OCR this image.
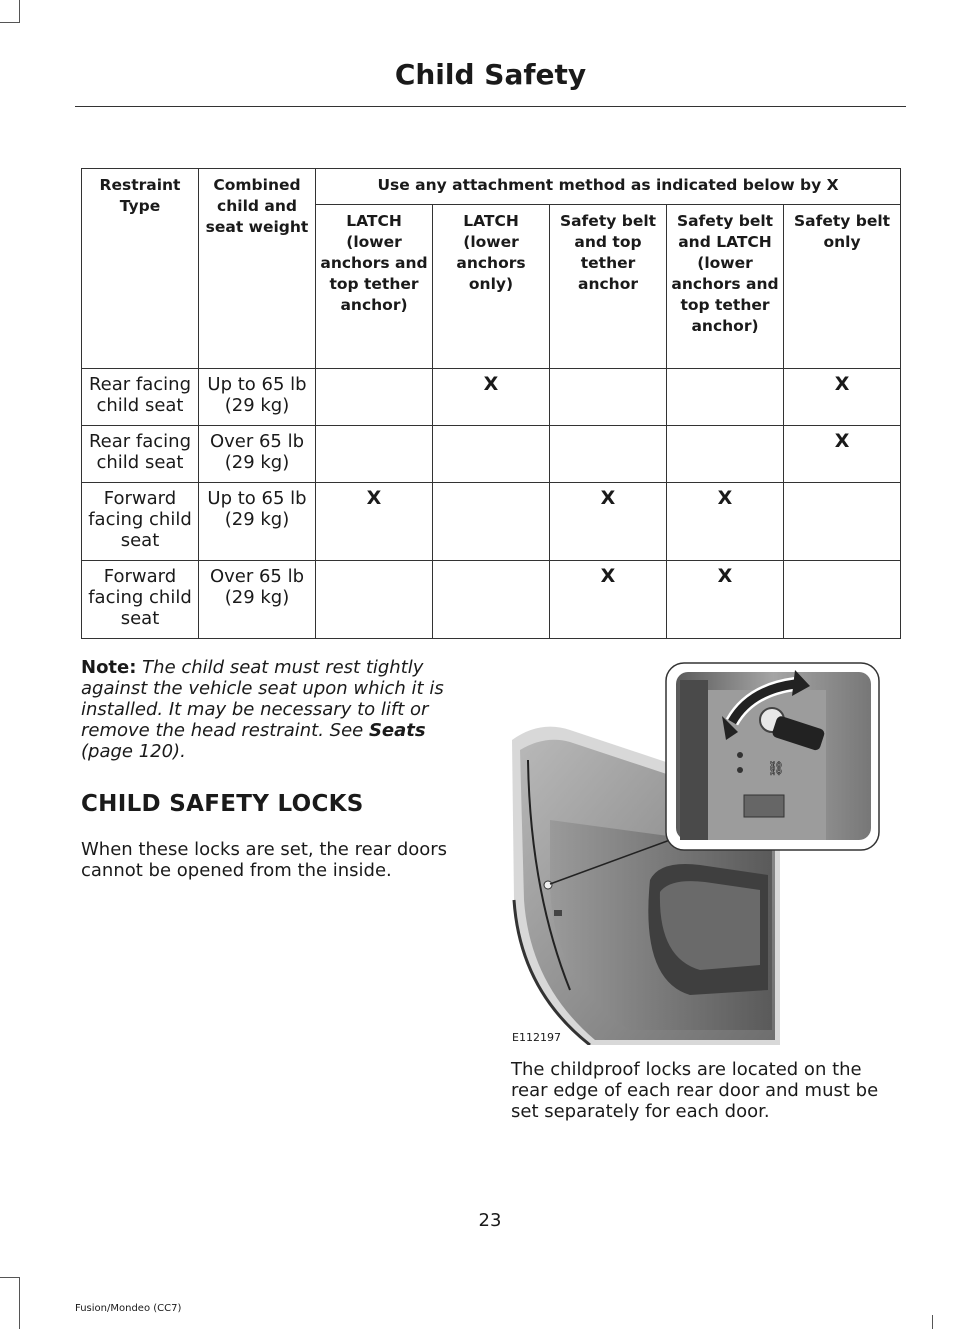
Child Safety
Restraint Type	Combined child and seat weight	Use any attachment method as indicated below by X				
		LATCH (lower anchors and top tether anchor)	LATCH (lower anchors only)	Safety belt and top tether anchor	Safety belt and LATCH (lower anchors and top tether anchor)	Safety belt only
Rear facing child seat	Up to 65 lb (29 kg)		X			X
Rear facing child seat	Over 65 lb (29 kg)					X
Forward facing child seat	Up to 65 lb (29 kg)	X		X	X	
Forward facing child seat	Over 65 lb (29 kg)			X	X	

Note: The child seat must rest tightly against the vehicle seat upon which it is installed. It may be necessary to lift or remove the head restraint. See Seats (page 120).

CHILD SAFETY LOCKS

When these locks are set, the rear doors cannot be opened from the inside.

⛓
E112197

The childproof locks are located on the rear edge of each rear door and must be set separately for each door.

23
Fusion/Mondeo (CC7)
